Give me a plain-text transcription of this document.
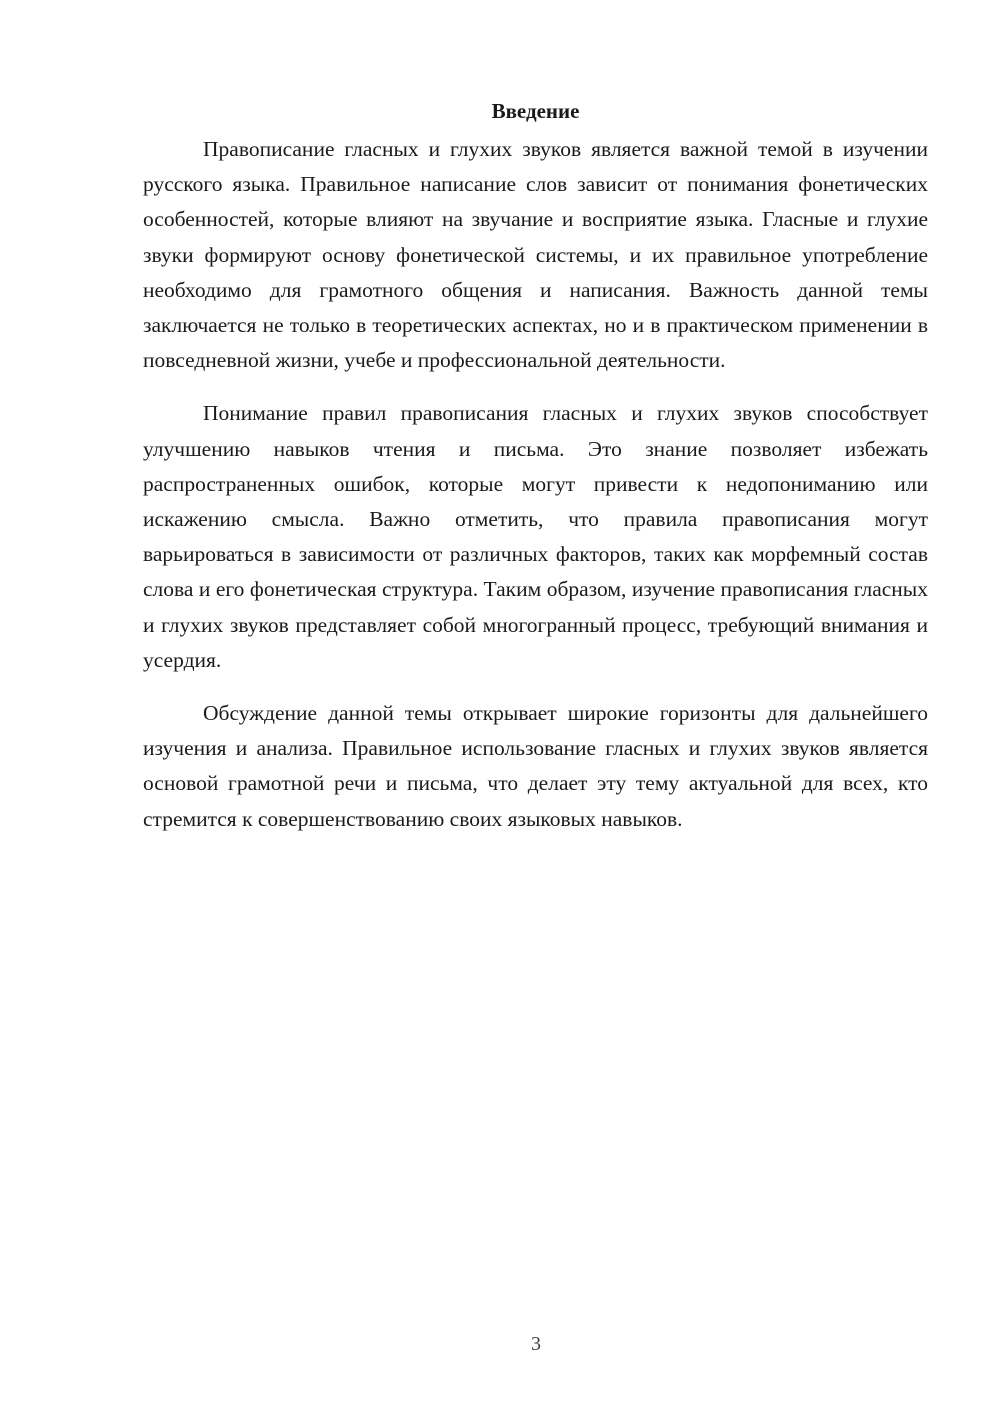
Введение

Правописание гласных и глухих звуков является важной темой в изучении русского языка. Правильное написание слов зависит от понимания фонетических особенностей, которые влияют на звучание и восприятие языка. Гласные и глухие звуки формируют основу фонетической системы, и их правильное употребление необходимо для грамотного общения и написания. Важность данной темы заключается не только в теоретических аспектах, но и в практическом применении в повседневной жизни, учебе и профессиональной деятельности.

Понимание правил правописания гласных и глухих звуков способствует улучшению навыков чтения и письма. Это знание позволяет избежать распространенных ошибок, которые могут привести к недопониманию или искажению смысла. Важно отметить, что правила правописания могут варьироваться в зависимости от различных факторов, таких как морфемный состав слова и его фонетическая структура. Таким образом, изучение правописания гласных и глухих звуков представляет собой многогранный процесс, требующий внимания и усердия.

Обсуждение данной темы открывает широкие горизонты для дальнейшего изучения и анализа. Правильное использование гласных и глухих звуков является основой грамотной речи и письма, что делает эту тему актуальной для всех, кто стремится к совершенствованию своих языковых навыков.

3
